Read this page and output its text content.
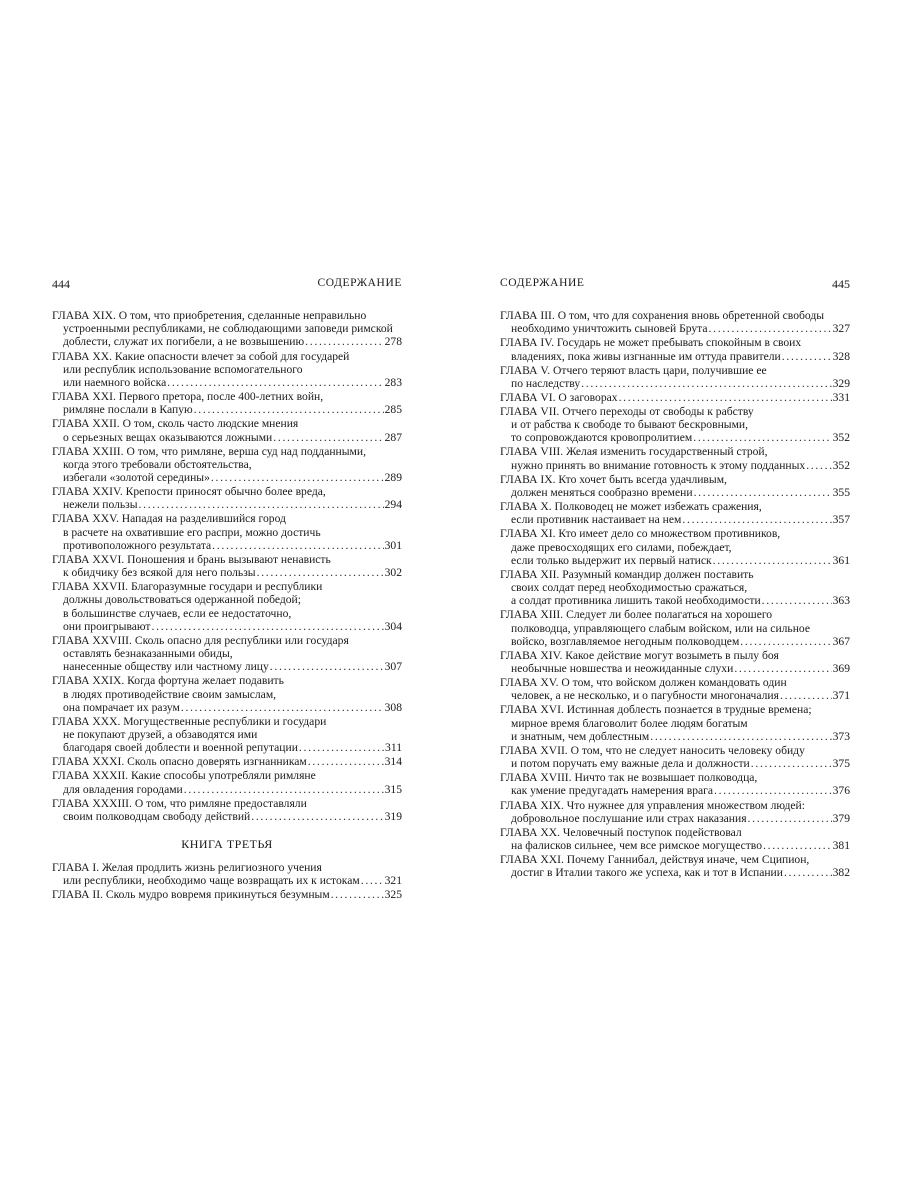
444	СОДЕРЖАНИЕ
ГЛАВА XIX. О том, что приобретения, сделанные неправильно
устроенными республиками, не соблюдающими заповеди римской
доблести, служат их погибели, а не возвышению . . .	278
ГЛАВА XX. Какие опасности влечет за собой для государей
или республик использование вспомогательного
или наемного войска . . .	283
ГЛАВА XXI. Первого претора, после 400-летних войн,
римляне послали в Капую . . .	285
ГЛАВА XXII. О том, сколь часто людские мнения
о серьезных вещах оказываются ложными . . .	287
ГЛАВА XXIII. О том, что римляне, верша суд над подданными,
когда этого требовали обстоятельства,
избегали «золотой середины» . . .	289
ГЛАВА XXIV. Крепости приносят обычно более вреда,
нежели пользы . . .	294
ГЛАВА XXV. Нападая на разделившийся город
в расчете на охватившие его распри, можно достичь
противоположного результата . . .	301
ГЛАВА XXVI. Поношения и брань вызывают ненависть
к обидчику без всякой для него пользы . . .	302
ГЛАВА XXVII. Благоразумные государи и республики
должны довольствоваться одержанной победой;
в большинстве случаев, если ее недостаточно,
они проигрывают . . .	304
ГЛАВА XXVIII. Сколь опасно для республики или государя
оставлять безнаказанными обиды,
нанесенные обществу или частному лицу . . .	307
ГЛАВА XXIX. Когда фортуна желает подавить
в людях противодействие своим замыслам,
она помрачает их разум . . .	308
ГЛАВА XXX. Могущественные республики и государи
не покупают друзей, а обзаводятся ими
благодаря своей доблести и военной репутации . . .	311
ГЛАВА XXXI. Сколь опасно доверять изгнанникам . . .	314
ГЛАВА XXXII. Какие способы употребляли римляне
для овладения городами . . .	315
ГЛАВА XXXIII. О том, что римляне предоставляли
своим полководцам свободу действий . . .	319
КНИГА ТРЕТЬЯ
ГЛАВА I. Желая продлить жизнь религиозного учения
или республики, необходимо чаще возвращать их к истокам . . . 321
ГЛАВА II. Сколь мудро вовремя прикинуться безумным . . .	325
СОДЕРЖАНИЕ	445
ГЛАВА III. О том, что для сохранения вновь обретенной свободы
необходимо уничтожить сыновей Брута . . .	327
ГЛАВА IV. Государь не может пребывать спокойным в своих
владениях, пока живы изгнанные им оттуда правители . . .	328
ГЛАВА V. Отчего теряют власть цари, получившие ее
по наследству . . .	329
ГЛАВА VI. О заговорах . . .	331
ГЛАВА VII. Отчего переходы от свободы к рабству
и от рабства к свободе то бывают бескровными,
то сопровождаются кровопролитием . . .	352
ГЛАВА VIII. Желая изменить государственный строй,
нужно принять во внимание готовность к этому подданных . . . 352
ГЛАВА IX. Кто хочет быть всегда удачливым,
должен меняться сообразно времени . . .	355
ГЛАВА X. Полководец не может избежать сражения,
если противник настаивает на нем . . .	357
ГЛАВА XI. Кто имеет дело со множеством противников,
даже превосходящих его силами, побеждает,
если только выдержит их первый натиск . . .	361
ГЛАВА XII. Разумный командир должен поставить
своих солдат перед необходимостью сражаться,
а солдат противника лишить такой необходимости . . .	363
ГЛАВА XIII. Следует ли более полагаться на хорошего
полководца, управляющего слабым войском, или на сильное
войско, возглавляемое негодным полководцем . . .	367
ГЛАВА XIV. Какое действие могут возыметь в пылу боя
необычные новшества и неожиданные слухи . . .	369
ГЛАВА XV. О том, что войском должен командовать один
человек, а не несколько, и о пагубности многоначалия . . .	371
ГЛАВА XVI. Истинная доблесть познается в трудные времена;
мирное время благоволит более людям богатым
и знатным, чем доблестным . . .	373
ГЛАВА XVII. О том, что не следует наносить человеку обиду
и потом поручать ему важные дела и должности . . .	375
ГЛАВА XVIII. Ничто так не возвышает полководца,
как умение предугадать намерения врага . . .	376
ГЛАВА XIX. Что нужнее для управления множеством людей:
добровольное послушание или страх наказания . . .	379
ГЛАВА XX. Человечный поступок подействовал
на фалисков сильнее, чем все римское могущество . . .	381
ГЛАВА XXI. Почему Ганнибал, действуя иначе, чем Сципион,
достиг в Италии такого же успеха, как и тот в Испании . . .	382
